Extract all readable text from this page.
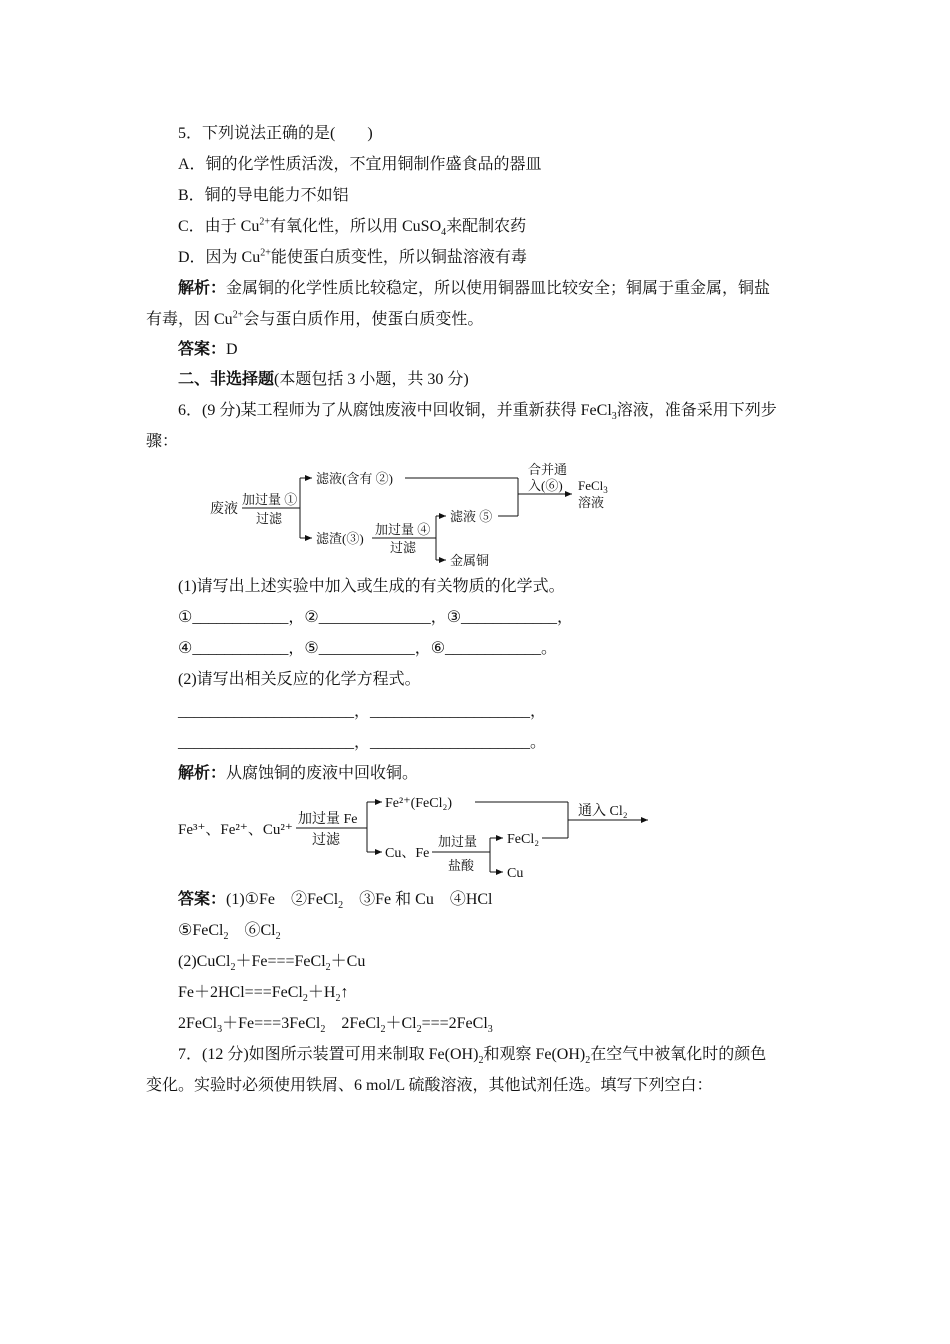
5．下列说法正确的是(　　)
A．铜的化学性质活泼，不宜用铜制作盛食品的器皿
B．铜的导电能力不如铝
C．由于 $Cu^{2+}$有氧化性，所以用 CuSO$_4$来配制农药
D．因为 $Cu^{2+}$能使蛋白质变性，所以铜盐溶液有毒
解析：金属铜的化学性质比较稳定，所以使用铜器皿比较安全；铜属于重金属，铜盐
有毒，因 $Cu^{2+}$会与蛋白质作用，使蛋白质变性。
答案：D
二、非选择题(本题包括 3 小题，共 30 分)
6．(9 分)某工程师为了从腐蚀废液中回收铜，并重新获得 FeCl$_3$溶液，准备采用下列步
骤：
废液
加过量 ①
过滤
滤液(含有 ②)
滤渣(③)
加过量 ④
过滤
滤液 ⑤
金属铜
合并通
入(⑥) FeCl$_3$
溶液
(1)请写出上述实验中加入或生成的有关物质的化学式。
①____________，②______________，③____________，
④____________，⑤____________，⑥____________。
(2)请写出相关反应的化学方程式。
______________________，____________________，
______________________，____________________。
解析：从腐蚀铜的废液中回收铜。
Fe³⁺、Fe²⁺、Cu²⁺
加过量 Fe
过滤
Fe²⁺(FeCl₂)
Cu、Fe
加过量
盐酸
FeCl₂
Cu
通入 Cl₂
答案：(1)①Fe　②FeCl$_2$　③Fe 和 Cu　④HCl
⑤FeCl$_2$　$⑥Cl_2$
(2)CuCl$_2$＋Fe===FeCl$_2$＋Cu
$Fe+2HCl===FeCl_2+H_2↑$
2FeCl$_3$＋Fe===3FeCl$_2$　$2FeCl_2+Cl_2===2FeCl_3$
7．(12 分)如图所示装置可用来制取 $Fe(OH)_2$和观察 $Fe(OH)_2$在空气中被氧化时的颜色
变化。实验时必须使用铁屑、6 mol/L 硫酸溶液，其他试剂任选。填写下列空白：
